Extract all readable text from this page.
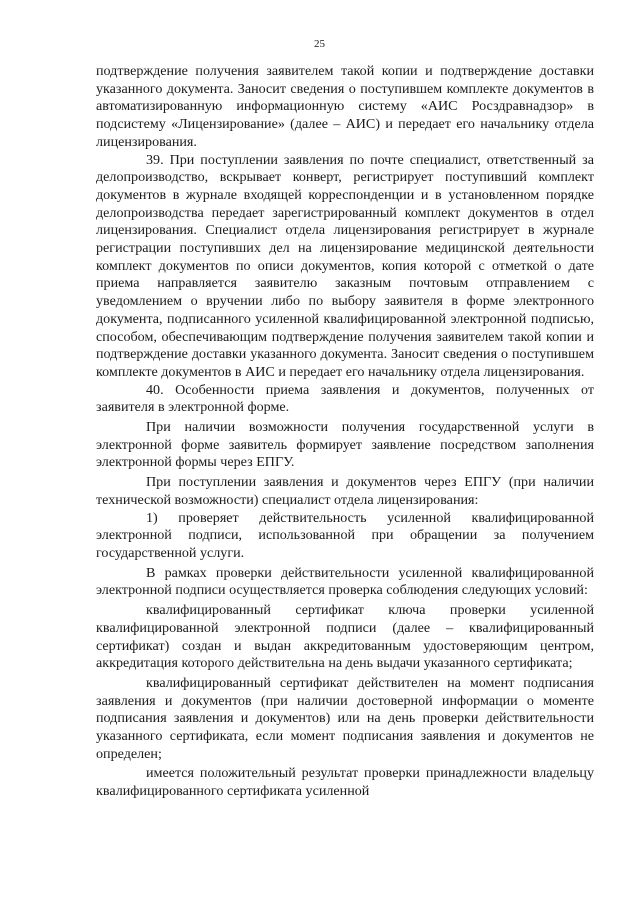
25

подтверждение получения заявителем такой копии и подтверждение доставки указанного документа. Заносит сведения о поступившем комплекте документов в автоматизированную информационную систему «АИС Росздравнадзор» в подсистему «Лицензирование» (далее – АИС) и передает его начальнику отдела лицензирования.

39. При поступлении заявления по почте специалист, ответственный за делопроизводство, вскрывает конверт, регистрирует поступивший комплект документов в журнале входящей корреспонденции и в установленном порядке делопроизводства передает зарегистрированный комплект документов в отдел лицензирования. Специалист отдела лицензирования регистрирует в журнале регистрации поступивших дел на лицензирование медицинской деятельности комплект документов по описи документов, копия которой с отметкой о дате приема направляется заявителю заказным почтовым отправлением с уведомлением о вручении либо по выбору заявителя в форме электронного документа, подписанного усиленной квалифицированной электронной подписью, способом, обеспечивающим подтверждение получения заявителем такой копии и подтверждение доставки указанного документа. Заносит сведения о поступившем комплекте документов в АИС и передает его начальнику отдела лицензирования.

40. Особенности приема заявления и документов, полученных от заявителя в электронной форме.

При наличии возможности получения государственной услуги в электронной форме заявитель формирует заявление посредством заполнения электронной формы через ЕПГУ.

При поступлении заявления и документов через ЕПГУ (при наличии технической возможности) специалист отдела лицензирования:

1) проверяет действительность усиленной квалифицированной электронной подписи, использованной при обращении за получением государственной услуги.

В рамках проверки действительности усиленной квалифицированной электронной подписи осуществляется проверка соблюдения следующих условий:

квалифицированный сертификат ключа проверки усиленной квалифицированной электронной подписи (далее – квалифицированный сертификат) создан и выдан аккредитованным удостоверяющим центром, аккредитация которого действительна на день выдачи указанного сертификата;

квалифицированный сертификат действителен на момент подписания заявления и документов (при наличии достоверной информации о моменте подписания заявления и документов) или на день проверки действительности указанного сертификата, если момент подписания заявления и документов не определен;

имеется положительный результат проверки принадлежности владельцу квалифицированного сертификата усиленной
